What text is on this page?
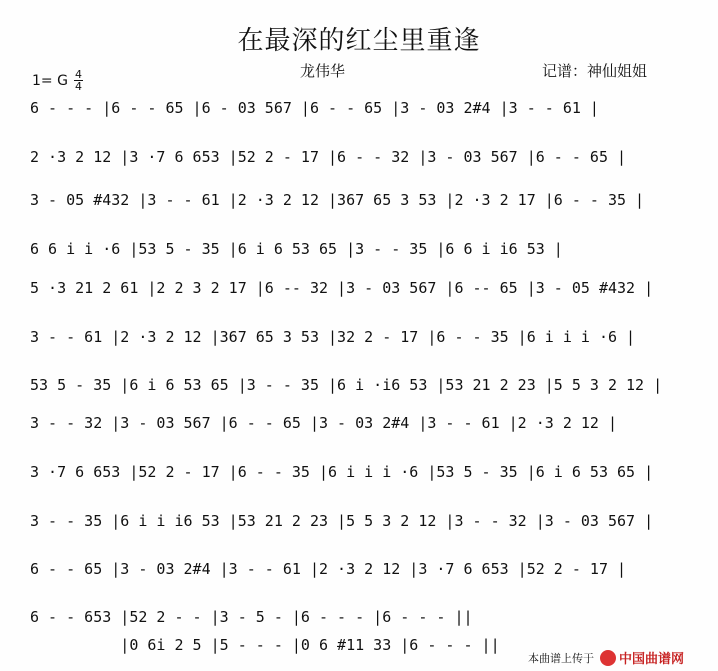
在最深的红尘里重逢
龙伟华	记谱：神仙姐姐
1= G $\frac{4}{4}$
6 - - - |6 - - 65 |6 - 03 567 |6 - - 65 |3 - 03 2#4 |3 - - 61 |
2 ·3 2 12 |3 ·7 6 653 |52 2 - 17 |6 - - 32 |3 - 03 567 |6 - - 65 |
3 - 05 #432 |3 - - 61 |2 ·3 2 12 |367 65 3 53 |2 ·3 2 17 |6 - - 35 |
6 6 i i ·6 |53 5 - 35 |6 i 6 53 65 |3 - - 35 |6 6 i i6 53 |
5 ·3 21 2 61 |2 2 3 2 17 |6 -- 32 |3 - 03 567 |6 -- 65 |3 - 05 #432 |
3 - - 61 |2 ·3 2 12 |367 65 3 53 |32 2 - 17 |6 - - 35 |6 i i i ·6 |
53 5 - 35 |6 i 6 53 65 |3 - - 35 |6 i ·i6 53 |53 21 2 23 |5 5 3 2 12 |
3 - - 32 |3 - 03 567 |6 - - 65 |3 - 03 2#4 |3 - - 61 |2 ·3 2 12 |
3 ·7 6 653 |52 2 - 17 |6 - - 35 |6 i i i ·6 |53 5 - 35 |6 i 6 53 65 |
3 - - 35 |6 i i i6 53 |53 21 2 23 |5 5 3 2 12 |3 - - 32 |3 - 03 567 |
6 - - 65 |3 - 03 2#4 |3 - - 61 |2 ·3 2 12 |3 ·7 6 653 |52 2 - 17 |
6 - - 653 |52 2 - - |3 - 5 - |6 - - - |6 - - - ||
|0 6i 2 5 |5 - - - |0 6 #11 33 |6 - - - ||
本曲谱上传于 中国曲谱网
